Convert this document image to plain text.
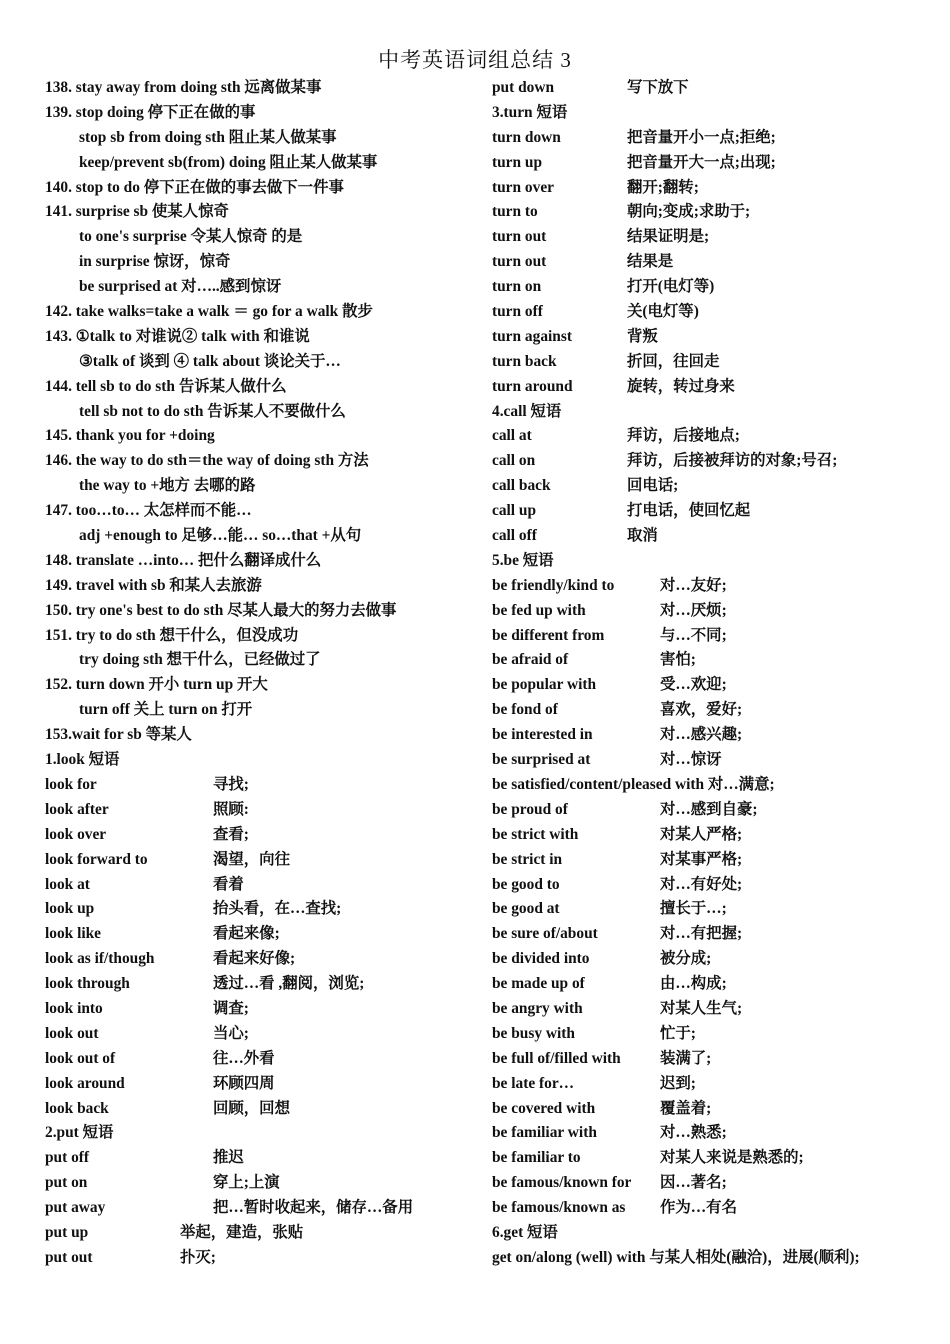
中考英语词组总结 3
138. stay away from doing sth 远离做某事
139. stop doing 停下正在做的事
stop sb from doing sth 阻止某人做某事
keep/prevent sb(from) doing 阻止某人做某事
140. stop to do 停下正在做的事去做下一件事
141. surprise sb 使某人惊奇
to one's surprise 令某人惊奇 的是
in surprise 惊讶，惊奇
be surprised at 对…..感到惊讶
142. take walks=take a walk ＝ go for a walk 散步
143. ①talk to 对谁说② talk with 和谁说
③talk of 谈到 ④ talk about 谈论关于…
144. tell sb to do sth 告诉某人做什么
tell sb not to do sth 告诉某人不要做什么
145. thank you for +doing
146. the way to do sth＝the way of doing sth 方法
the way to +地方 去哪的路
147. too…to… 太怎样而不能…
adj +enough to 足够…能… so…that +从句
148. translate …into… 把什么翻译成什么
149. travel with sb 和某人去旅游
150. try one's best to do sth 尽某人最大的努力去做事
151. try to do sth 想干什么，但没成功
try doing sth 想干什么，已经做过了
152. turn down 开小 turn up 开大
turn off 关上 turn on 打开
153.wait for sb 等某人
1.look 短语
look for	寻找;
look after	照顾:
look over	查看;
look forward to	渴望，向往
look at	看着
look up	抬头看，在…查找;
look like	看起来像;
look as if/though	看起来好像;
look through	透过…看 ,翻阅，浏览;
look into	调查;
look out	当心;
look out of	往…外看
look around	环顾四周
look back	回顾，回想
2.put 短语
put off	推迟
put on	穿上;上演
put away	把…暂时收起来，储存…备用
put up	举起，建造，张贴
put out	扑灭;
put down	写下放下
3.turn 短语
turn down	把音量开小一点;拒绝;
turn up	把音量开大一点;出现;
turn over	翻开;翻转;
turn to	朝向;变成;求助于;
turn out	结果证明是;
turn out	结果是
turn on	打开(电灯等)
turn off	关(电灯等)
turn against	背叛
turn back	折回，往回走
turn around	旋转，转过身来
4.call 短语
call at	拜访，后接地点;
call on	拜访，后接被拜访的对象;号召;
call back	回电话;
call up	打电话，使回忆起
call off	取消
5.be 短语
be friendly/kind to	对…友好;
be fed up with	对…厌烦;
be different from	与…不同;
be afraid of	害怕;
be popular with	受…欢迎;
be fond of	喜欢，爱好;
be interested in	对…感兴趣;
be surprised at	对…惊讶
be satisfied/content/pleased with 对…满意;
be proud of	对…感到自豪;
be strict with	对某人严格;
be strict in	对某事严格;
be good to	对…有好处;
be good at	擅长于…;
be sure of/about	对…有把握;
be divided into	被分成;
be made up of	由…构成;
be angry with	对某人生气;
be busy with	忙于;
be full of/filled with	装满了;
be late for…	迟到;
be covered with	覆盖着;
be familiar with	对…熟悉;
be familiar to	对某人来说是熟悉的;
be famous/known for 因…著名;
be famous/known as 作为…有名
6.get 短语
get on/along (well) with 与某人相处(融洽)，进展(顺利);
